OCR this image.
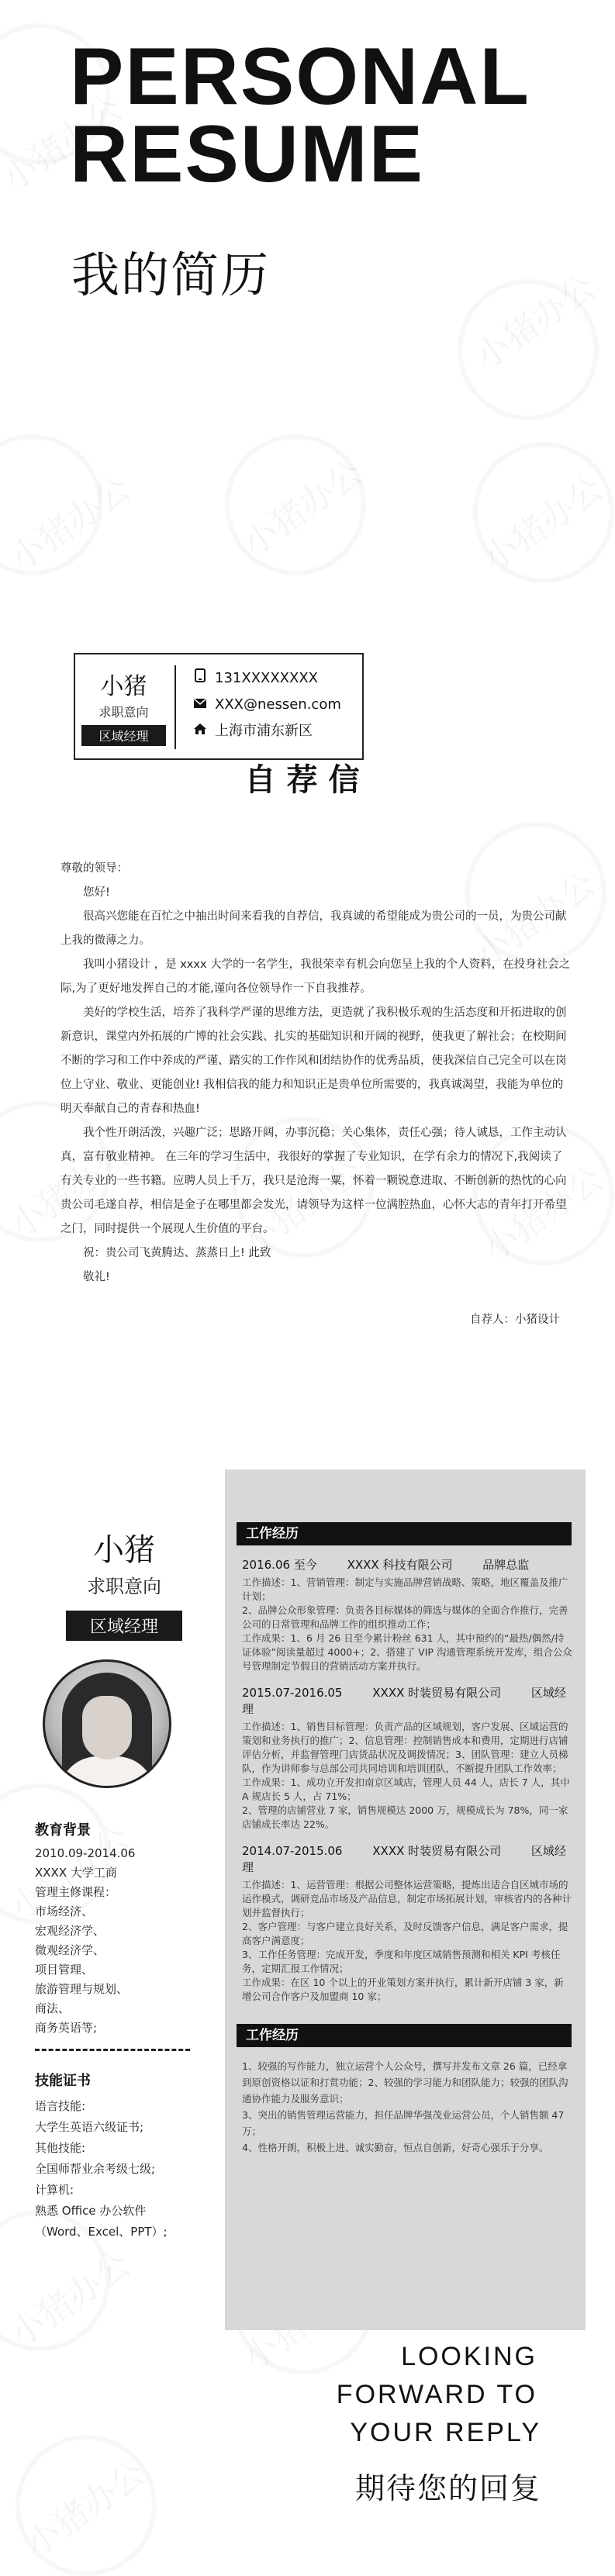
PERSONAL
RESUME
我的简历
小猪
求职意向
区域经理
131XXXXXXXX
XXX@nessen.com
上海市浦东新区
自荐信

尊敬的领导：

您好!

很高兴您能在百忙之中抽出时间来看我的自荐信，我真诚的希望能成为贵公司的一员，为贵公司献上我的微薄之力。

我叫小猪设计 ，是 xxxx 大学的一名学生，我很荣幸有机会向您呈上我的个人资料，在投身社会之际,为了更好地发挥自己的才能,谨向各位领导作一下自我推荐。

美好的学校生活，培养了我科学严谨的思维方法，更造就了我积极乐观的生活态度和开拓进取的创新意识，课堂内外拓展的广博的社会实践、扎实的基础知识和开阔的视野，使我更了解社会；在校期间不断的学习和工作中养成的严谨、踏实的工作作风和团结协作的优秀品质，使我深信自己完全可以在岗位上守业、敬业、更能创业! 我相信我的能力和知识正是贵单位所需要的，我真诚渴望，我能为单位的明天奉献自己的青春和热血!

我个性开朗活泼，兴趣广泛；思路开阔，办事沉稳；关心集体，责任心强；待人诚恳，工作主动认真，富有敬业精神。 在三年的学习生活中，我很好的掌握了专业知识，在学有余力的情况下,我阅读了有关专业的一些书籍。应聘人员上千万，我只是沧海一粟，怀着一颗锐意进取、不断创新的热忱的心向贵公司毛遂自荐，相信是金子在哪里都会发光，请领导为这样一位满腔热血，心怀大志的青年打开希望之门，同时提供一个展现人生价值的平台。

祝：贵公司飞黄腾达、蒸蒸日上! 此致

敬礼!

自荐人：小猪设计

小猪
求职意向
区域经理
教育背景
2010.09-2014.06
XXXX 大学工商
管理主修课程：
市场经济、
宏观经济学、
微观经济学、
项目管理、
旅游管理与规划、
商法、
商务英语等;
技能证书
语言技能:
大学生英语六级证书;
其他技能:
全国师帮业余考级七级;
计算机:
熟悉 Office 办公软件
（Word、Excel、PPT）;
工作经历
2016.06 至今	XXXX 科技有限公司	品牌总监

工作描述：1、营销管理：制定与实施品牌营销战略、策略，地区覆盖及推广计划；

2、品牌公众形象管理：负责各目标媒体的筛选与媒体的全面合作推行，完善公司的日常管理和品牌工作的组织推动工作；

工作成果：1、6 月 26 日至今累计粉丝 631 人，其中预约的“最热/偶然/持证体验”阅读量超过 4000+；2、搭建了 VIP 沟通管理系统开发库，组合公众号管理制定节假日的营销活动方案并执行。

2015.07-2016.05	XXXX 时装贸易有限公司	区域经理

工作描述：1、销售目标管理：负责产品的区域规划，客户发展、区域运营的策划和业务执行的推广；2、信息管理：控制销售成本和费用，定期进行店铺评估分析，并监督管理门店货品状况及调拨情况；3、团队管理：建立人员梯队，作为讲师参与总部公司共同培训和培训团队，不断提升团队工作效率；

工作成果：1、成功立开发扣南京区域店，管理人员 44 人，店长 7 人，其中 A 规店长 5 人，占 71%；

2、管理的店铺营业 7 家，销售规模达 2000 万，规模成长为 78%，同一家店铺成长率达 22%。

2014.07-2015.06	XXXX 时装贸易有限公司	区域经理

工作描述：1、运营管理：根据公司整体运营策略，提炼出适合自区城市场的运作模式，调研竞品市场及产品信息，制定市场拓展计划，审核省内的各种计划并监督执行；

2、客户管理：与客户建立良好关系，及时反馈客户信息，满足客户需求，提高客户满意度；

3、工作任务管理：完成开发，季度和年度区域销售预测和相关 KPI 考核任务，定期汇报工作情况；

工作成果：在区 10 个以上的开业策划方案并执行，累计新开店铺 3 家，新增公司合作客户及加盟商 10 家；

工作经历

1、较强的写作能力，独立运营个人公众号，撰写并发布文章 26 篇，已经拿到原创资格以证和打赏功能；2、较强的学习能力和团队能力；较强的团队沟通协作能力及服务意识；

3、突出的销售管理运营能力，担任品牌华强茂业运营公员，个人销售额 47 万；

4、性格开朗，积极上进、诚实勤奋，恒点自创新，好奇心强乐于分享。

LOOKING
FORWARD TO
YOUR REPLY
期待您的回复
